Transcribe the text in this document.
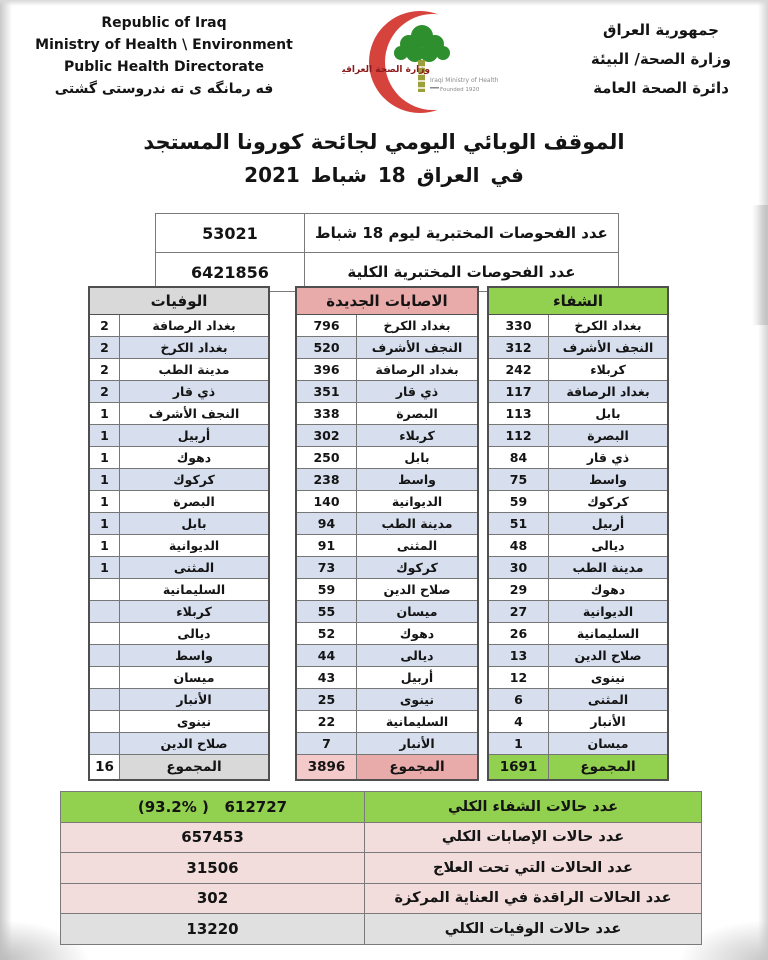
Republic of Iraq
Ministry of Health \ Environment
Public Health Directorate
فه رمانگه ی ته ندروستی گشتی
وزارة الصحة العراقية
Iraqi Ministry of Health
Founded 1920
جمهورية العراق
وزارة الصحة/ البيئة
دائرة الصحة العامة
الموقف الوبائي اليومي لجائحة كورونا المستجد
في العراق 18 شباط 2021
53021	عدد الفحوصات المختبرية ليوم 18 شباط
6421856	عدد الفحوصات المختبرية الكلية
الوفيات
2	بغداد الرصافة
2	بغداد الكرخ
2	مدينة الطب
2	ذي قار
1	النجف الأشرف
1	أربيل
1	دهوك
1	كركوك
1	البصرة
1	بابل
1	الديوانية
1	المثنى
السليمانية
كربلاء
ديالى
واسط
ميسان
الأنبار
نينوى
صلاح الدين
16	المجموع
الاصابات الجديدة
796	بغداد الكرخ
520	النجف الأشرف
396	بغداد الرصافة
351	ذي قار
338	البصرة
302	كربلاء
250	بابل
238	واسط
140	الديوانية
94	مدينة الطب
91	المثنى
73	كركوك
59	صلاح الدين
55	ميسان
52	دهوك
44	ديالى
43	أربيل
25	نينوى
22	السليمانية
7	الأنبار
3896	المجموع
الشفاء
330	بغداد الكرخ
312	النجف الأشرف
242	كربلاء
117	بغداد الرصافة
113	بابل
112	البصرة
84	ذي قار
75	واسط
59	كركوك
51	أربيل
48	ديالى
30	مدينة الطب
29	دهوك
27	الديوانية
26	السليمانية
13	صلاح الدين
12	نينوى
6	المثنى
4	الأنبار
1	ميسان
1691	المجموع
(93.2% )   612727	عدد حالات الشفاء الكلي
657453	عدد حالات الإصابات الكلي
31506	عدد الحالات التي تحت العلاج
302	عدد الحالات الراقدة في العناية المركزة
13220	عدد حالات الوفيات الكلي
